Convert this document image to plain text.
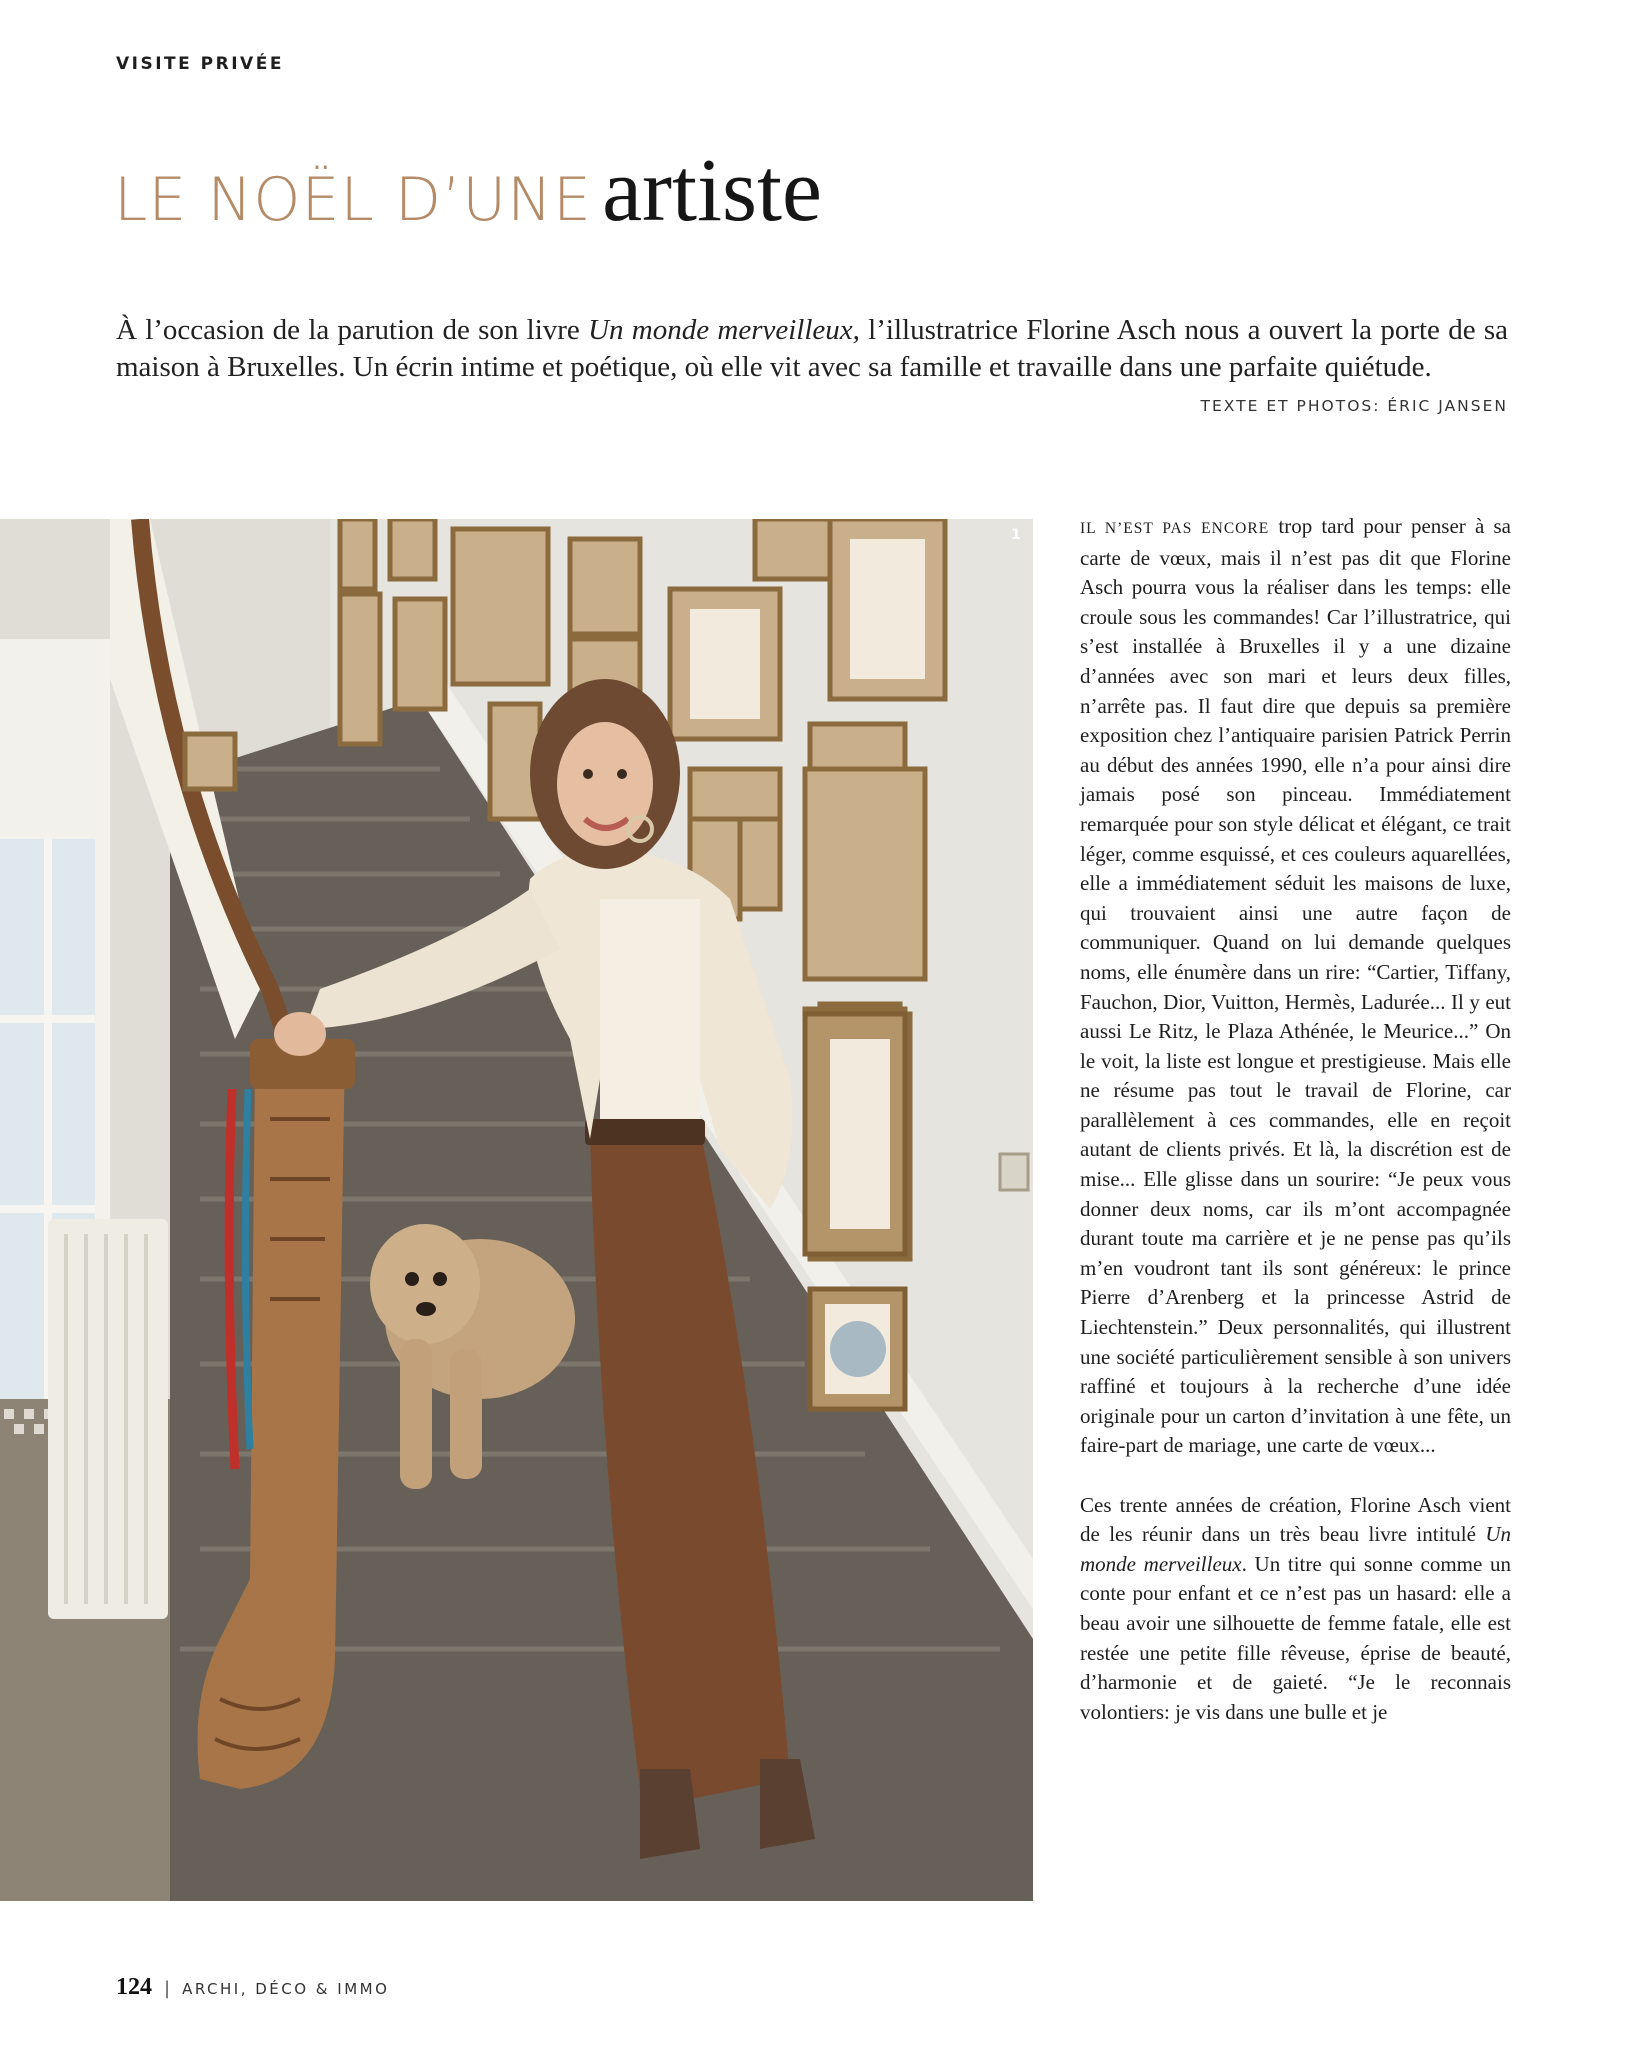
VISITE PRIVÉE
LE NOËL D’UNE artiste

À l’occasion de la parution de son livre Un monde merveilleux, l’illustratrice Florine Asch nous a ouvert la porte de sa maison à Bruxelles. Un écrin intime et poétique, où elle vit avec sa famille et travaille dans une parfaite quiétude.

TEXTE ET PHOTOS: ÉRIC JANSEN
1	IL N’EST PAS ENCORE trop tard pour penser à sa carte de vœux, mais il n’est pas dit que Florine Asch pourra vous la réaliser dans les temps: elle croule sous les commandes! Car l’illustratrice, qui s’est installée à Bruxelles il y a une dizaine d’années avec son mari et leurs deux filles, n’arrête pas. Il faut dire que depuis sa première exposition chez l’antiquaire parisien Patrick Perrin au début des années 1990, elle n’a pour ainsi dire jamais posé son pinceau. Immédiatement remarquée pour son style délicat et élégant, ce trait léger, comme esquissé, et ces couleurs aquarellées, elle a immédiatement séduit les maisons de luxe, qui trouvaient ainsi une autre façon de communiquer. Quand on lui demande quelques noms, elle énumère dans un rire: “Cartier, Tiffany, Fauchon, Dior, Vuitton, Hermès, Ladurée... Il y eut aussi Le Ritz, le Plaza Athénée, le Meurice...” On le voit, la liste est longue et prestigieuse. Mais elle ne résume pas tout le travail de Florine, car parallèlement à ces commandes, elle en reçoit autant de clients privés. Et là, la discrétion est de mise... Elle glisse dans un sourire: “Je peux vous donner deux noms, car ils m’ont accompagnée durant toute ma carrière et je ne pense pas qu’ils m’en voudront tant ils sont généreux: le prince Pierre d’Arenberg et la princesse Astrid de Liechtenstein.” Deux personnalités, qui illustrent une société particulièrement sensible à son univers raffiné et toujours à la recherche d’une idée originale pour un carton d’invitation à une fête, un faire-part de mariage, une carte de vœux...

Ces trente années de création, Florine Asch vient de les réunir dans un très beau livre intitulé Un monde merveilleux. Un titre qui sonne comme un conte pour enfant et ce n’est pas un hasard: elle a beau avoir une silhouette de femme fatale, elle est restée une petite fille rêveuse, éprise de beauté, d’harmonie et de gaieté. “Je le reconnais volontiers: je vis dans une bulle et je

124 | ARCHI, DÉCO & IMMO
